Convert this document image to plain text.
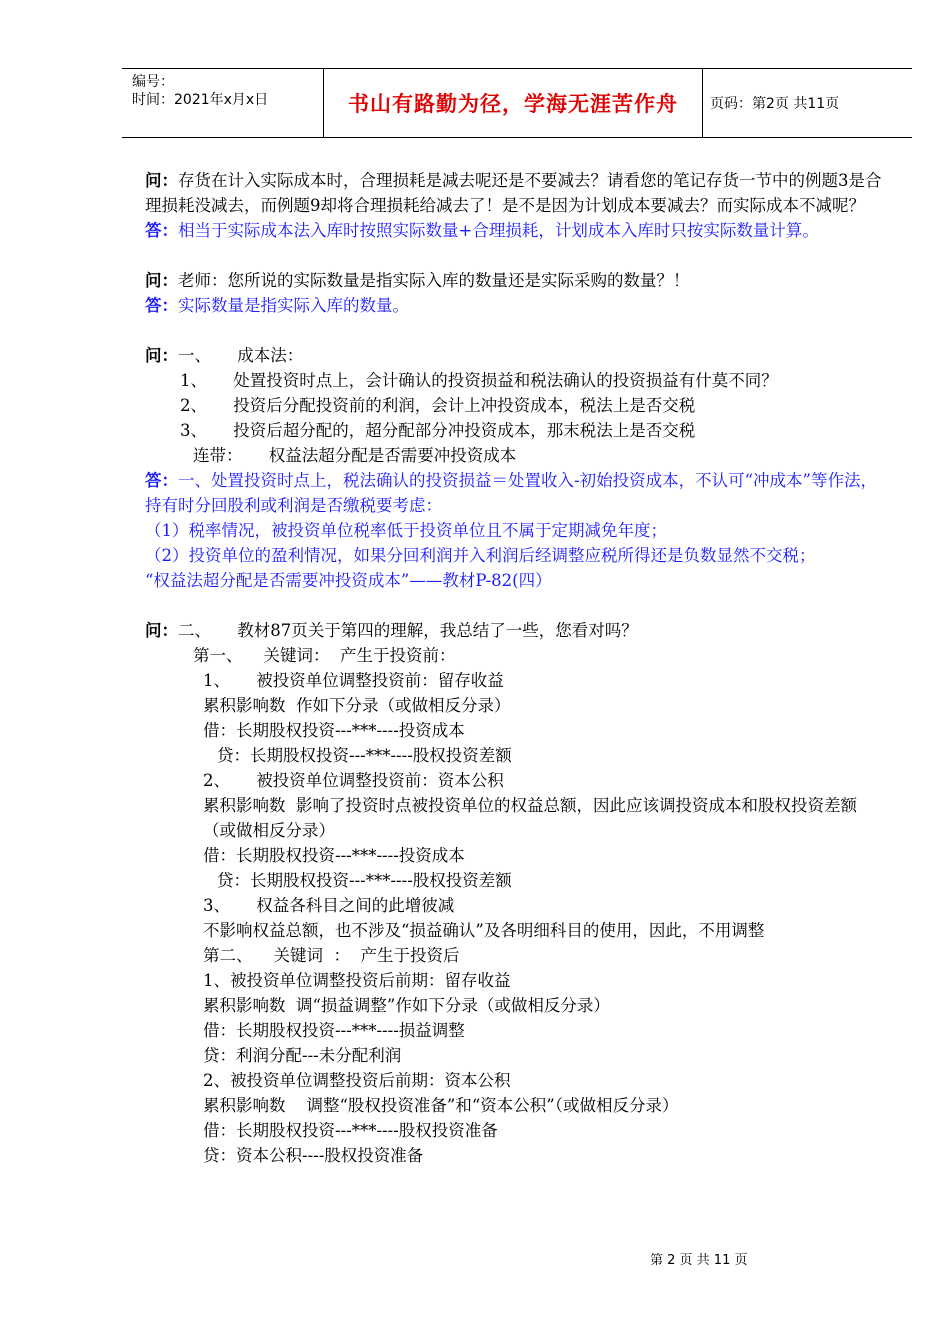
编号：
时间：2021年x月x日	书山有路勤为径，学海无涯苦作舟	页码：第2页 共11页

问：存货在计入实际成本时，合理损耗是减去呢还是不要减去？请看您的笔记存货一节中的例题3是合理损耗没减去，而例题9却将合理损耗给减去了！是不是因为计划成本要减去？而实际成本不减呢？

答：相当于实际成本法入库时按照实际数量+合理损耗，计划成本入库时只按实际数量计算。

问：老师：您所说的实际数量是指实际入库的数量还是实际采购的数量？！

答：实际数量是指实际入库的数量。

问：一、     成本法：

1、     处置投资时点上，会计确认的投资损益和税法确认的投资损益有什莫不同？

2、     投资后分配投资前的利润，会计上冲投资成本，税法上是否交税

3、     投资后超分配的，超分配部分冲投资成本，那末税法上是否交税

连带：     权益法超分配是否需要冲投资成本

答：一、处置投资时点上，税法确认的投资损益＝处置收入-初始投资成本，不认可“冲成本”等作法，持有时分回股利或利润是否缴税要考虑：

（1）税率情况，被投资单位税率低于投资单位且不属于定期减免年度；

（2）投资单位的盈利情况，如果分回利润并入利润后经调整应税所得还是负数显然不交税；

“权益法超分配是否需要冲投资成本”——教材P-82(四）

问：二、     教材87页关于第四的理解，我总结了一些，您看对吗？

第一、    关键词：  产生于投资前：

1、     被投资单位调整投资前：留存收益

累积影响数  作如下分录（或做相反分录）

借：长期股权投资---***----投资成本

贷：长期股权投资---***----股权投资差额

2、     被投资单位调整投资前：资本公积

累积影响数  影响了投资时点被投资单位的权益总额，因此应该调投资成本和股权投资差额     （或做相反分录）

借：长期股权投资---***----投资成本

贷：长期股权投资---***----股权投资差额

3、     权益各科目之间的此增彼减

不影响权益总额，也不涉及“损益确认”及各明细科目的使用，因此，不用调整

第二、    关键词  ：  产生于投资后

1、被投资单位调整投资后前期：留存收益

累积影响数  调“损益调整”作如下分录（或做相反分录）

借：长期股权投资---***----损益调整

贷：利润分配---未分配利润

2、被投资单位调整投资后前期：资本公积

累积影响数    调整“股权投资准备”和“资本公积”（或做相反分录）

借：长期股权投资---***----股权投资准备

贷：资本公积----股权投资准备

第 2 页 共 11 页
